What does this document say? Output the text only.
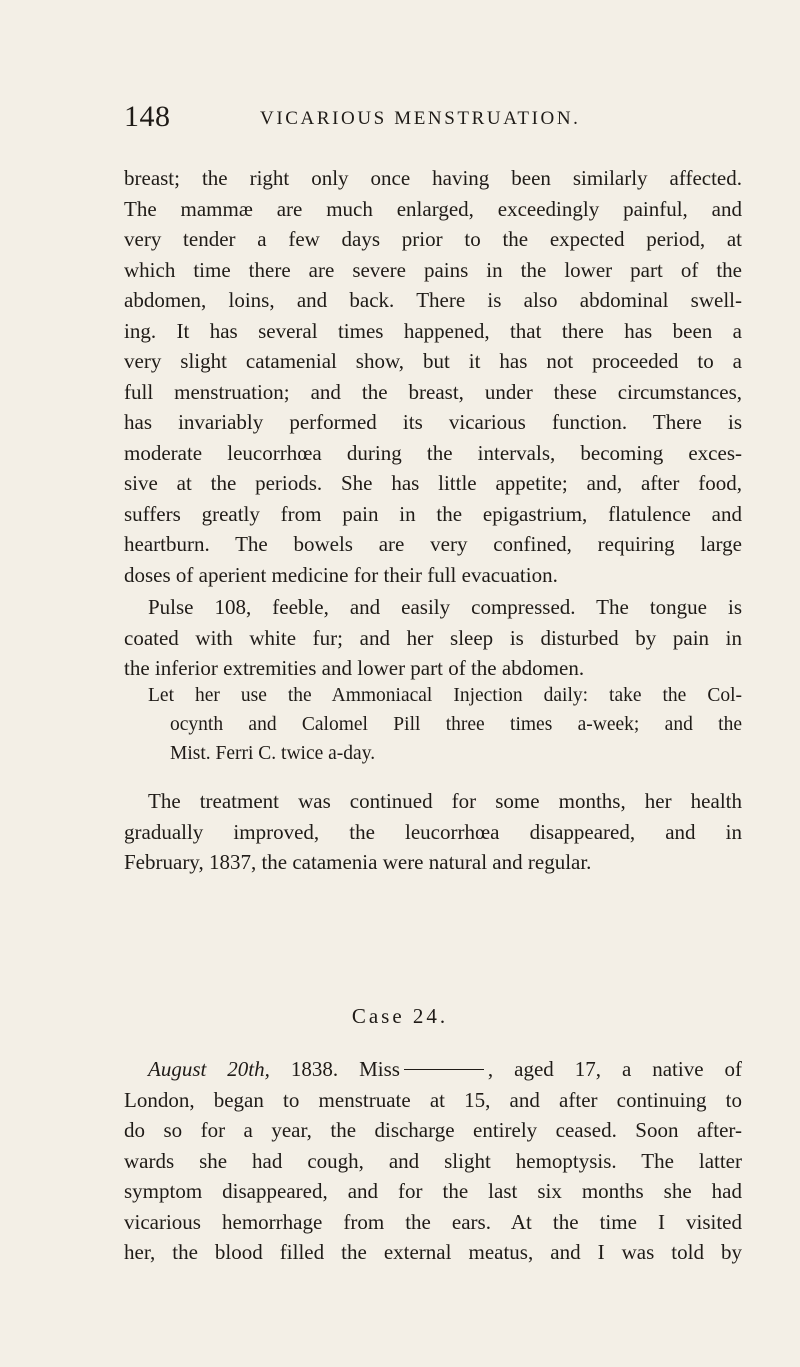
148	VICARIOUS MENSTRUATION.
breast; the right only once having been similarly affected.
The mammæ are much enlarged, exceedingly painful, and
very tender a few days prior to the expected period, at
which time there are severe pains in the lower part of the
abdomen, loins, and back. There is also abdominal swell-
ing. It has several times happened, that there has been a
very slight catamenial show, but it has not proceeded to a
full menstruation; and the breast, under these circumstances,
has invariably performed its vicarious function. There is
moderate leucorrhœa during the intervals, becoming exces-
sive at the periods. She has little appetite; and, after food,
suffers greatly from pain in the epigastrium, flatulence and
heartburn. The bowels are very confined, requiring large
doses of aperient medicine for their full evacuation.
Pulse 108, feeble, and easily compressed. The tongue is
coated with white fur; and her sleep is disturbed by pain in
the inferior extremities and lower part of the abdomen.
Let her use the Ammoniacal Injection daily: take the Col-
ocynth and Calomel Pill three times a-week; and the
Mist. Ferri C. twice a-day.
The treatment was continued for some months, her health
gradually improved, the leucorrhœa disappeared, and in
February, 1837, the catamenia were natural and regular.
Case 24.
August 20th, 1838. Miss	, aged 17, a native of
London, began to menstruate at 15, and after continuing to
do so for a year, the discharge entirely ceased. Soon after-
wards she had cough, and slight hemoptysis. The latter
symptom disappeared, and for the last six months she had
vicarious hemorrhage from the ears. At the time I visited
her, the blood filled the external meatus, and I was told by
